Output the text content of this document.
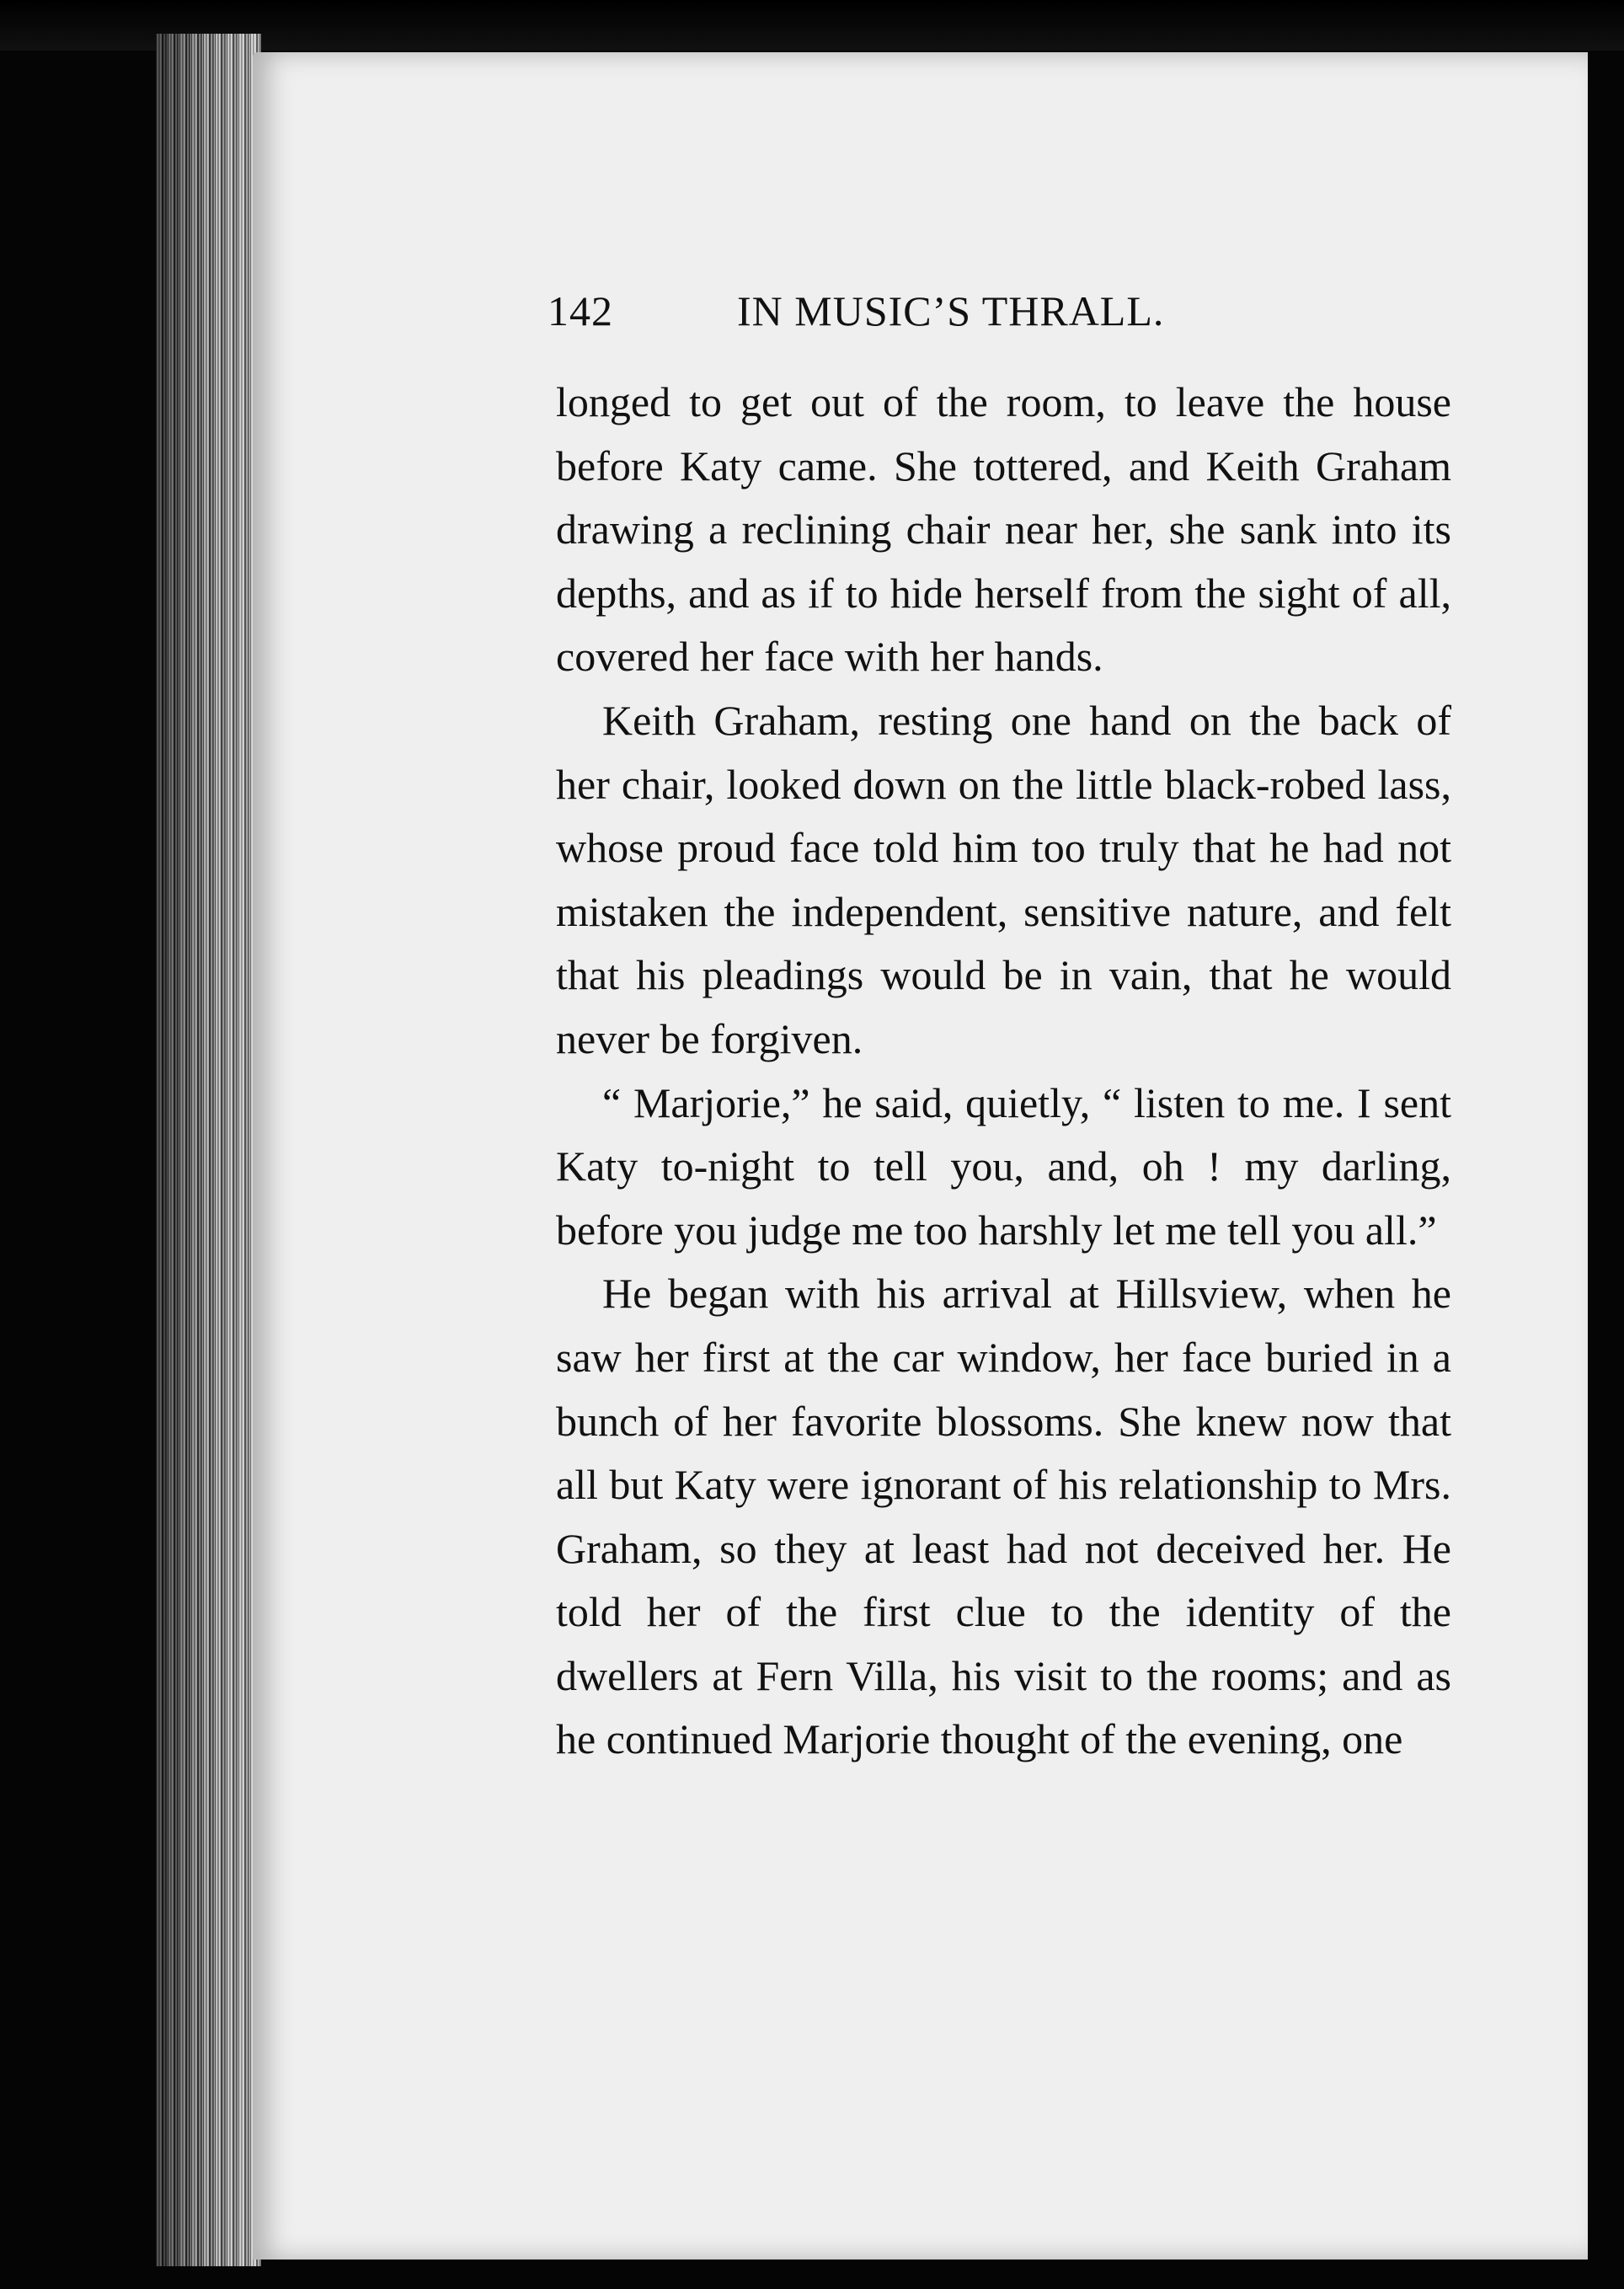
142	IN MUSIC’S THRALL.

longed to get out of the room, to leave the house before Katy came. She tottered, and Keith Graham drawing a reclining chair near her, she sank into its depths, and as if to hide herself from the sight of all, covered her face with her hands.

Keith Graham, resting one hand on the back of her chair, looked down on the little black-robed lass, whose proud face told him too truly that he had not mistaken the independent, sensitive nature, and felt that his pleadings would be in vain, that he would never be forgiven.

“ Marjorie,” he said, quietly, “ listen to me. I sent Katy to-night to tell you, and, oh ! my darling, before you judge me too harshly let me tell you all.”

He began with his arrival at Hillsview, when he saw her first at the car window, her face buried in a bunch of her favorite blossoms. She knew now that all but Katy were ignorant of his relationship to Mrs. Graham, so they at least had not deceived her. He told her of the first clue to the identity of the dwellers at Fern Villa, his visit to the rooms; and as he continued Marjorie thought of the evening, one
